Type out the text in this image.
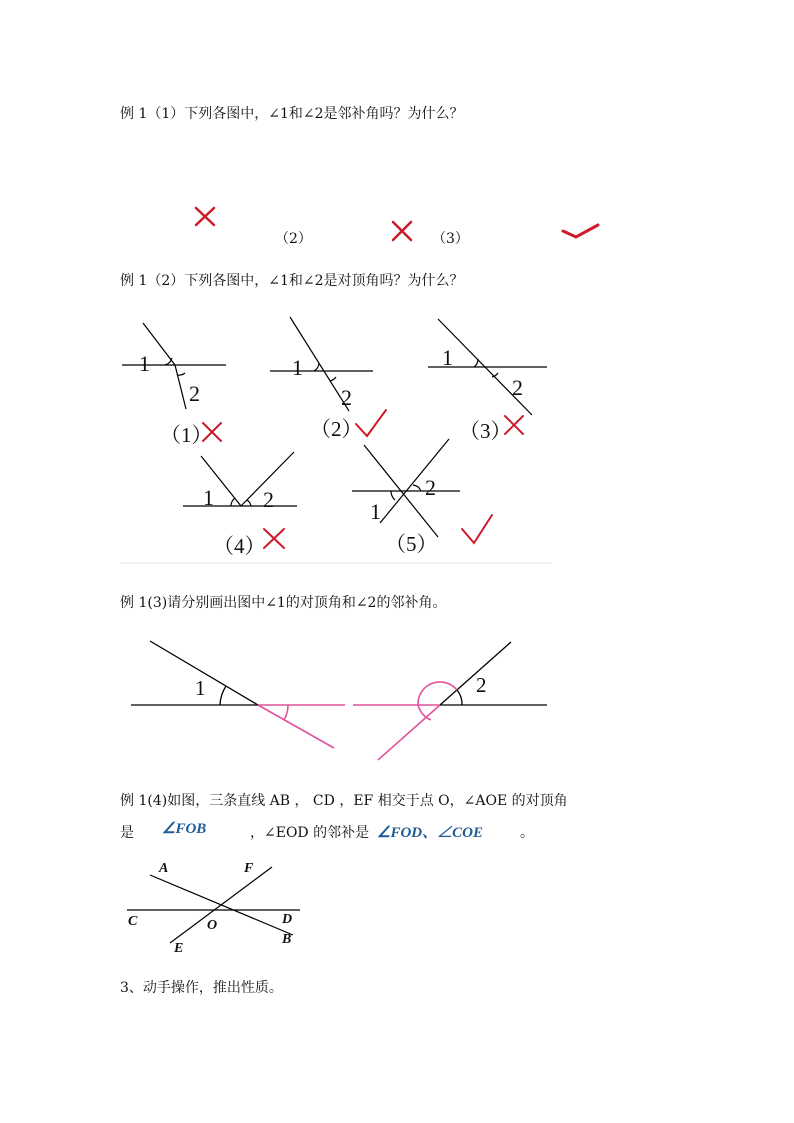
例 1（1）下列各图中，∠1和∠2是邻补角吗？为什么？
（2）	（3）
例 1（2）下列各图中，∠1和∠2是对顶角吗？为什么？
1
2
1
2
1
2
1 2	2
1
（1）	（2）	（3）
（4）	（5）
例 1(3)请分别画出图中∠1的对顶角和∠2的邻补角。
1	2
例 1(4)如图，三条直线 AB ， CD ，EF 相交于点 O，∠AOE 的对顶角
是 ∠FOB	，∠EOD 的邻补是 ∠FOD、∠COE	。
A	F
C	D
O
B
E
3、动手操作，推出性质。
